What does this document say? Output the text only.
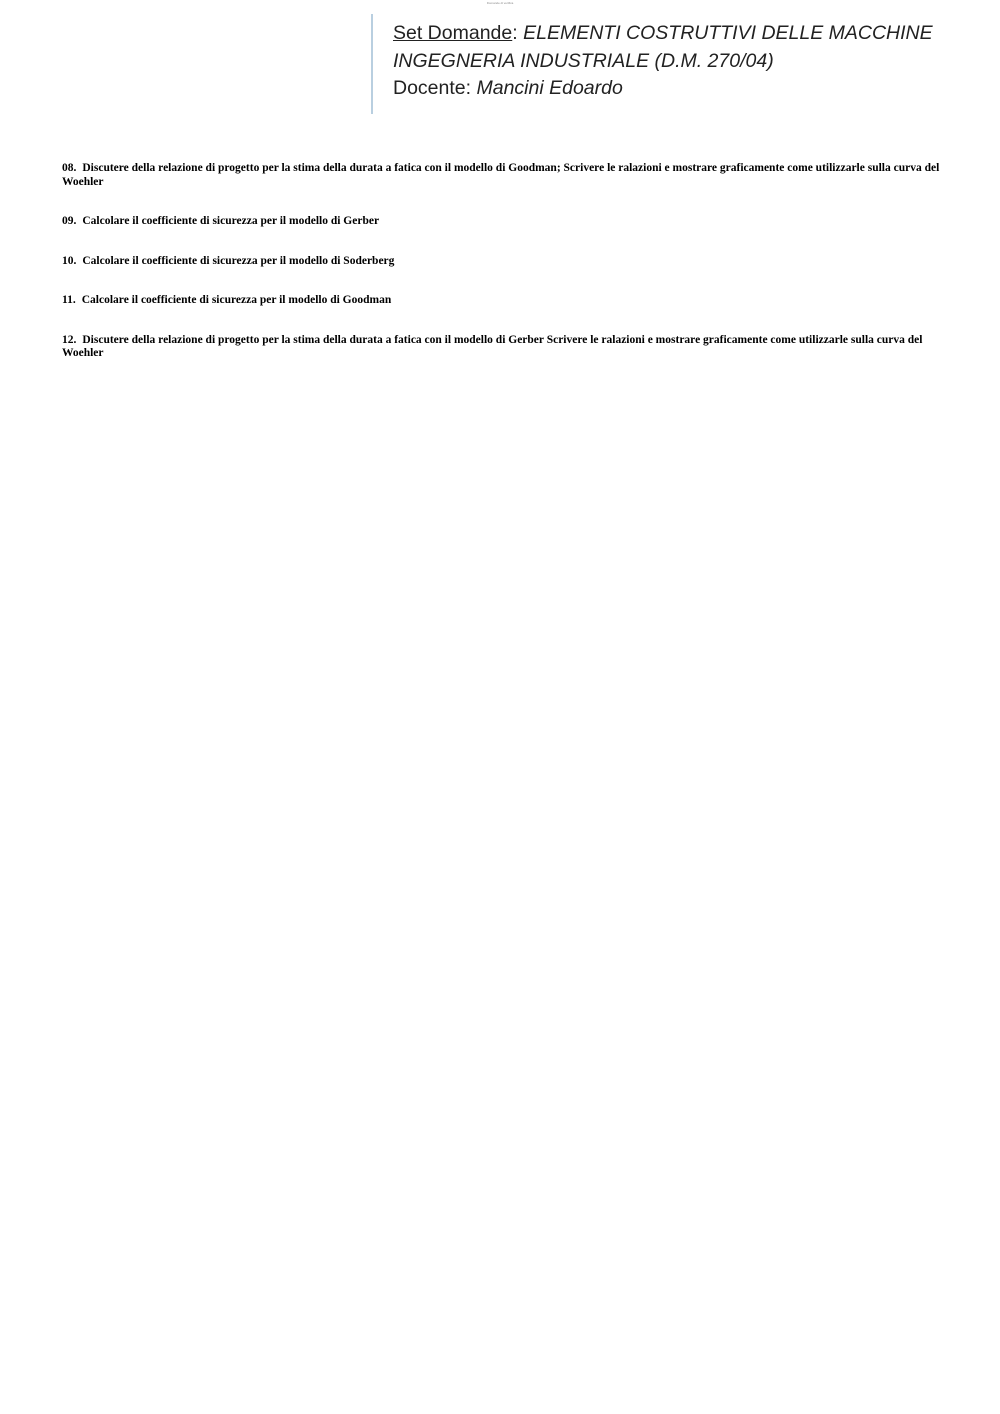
Domande di verifica
Set Domande: ELEMENTI COSTRUTTIVI DELLE MACCHINE
INGEGNERIA INDUSTRIALE (D.M. 270/04)
Docente: Mancini Edoardo
08. Discutere della relazione di progetto per la stima della durata a fatica con il modello di Goodman; Scrivere le ralazioni e mostrare graficamente come utilizzarle sulla curva del Woehler
09. Calcolare il coefficiente di sicurezza per il modello di Gerber
10. Calcolare il coefficiente di sicurezza per il modello di Soderberg
11. Calcolare il coefficiente di sicurezza per il modello di Goodman
12. Discutere della relazione di progetto per la stima della durata a fatica con il modello di Gerber Scrivere le ralazioni e mostrare graficamente come utilizzarle sulla curva del Woehler
